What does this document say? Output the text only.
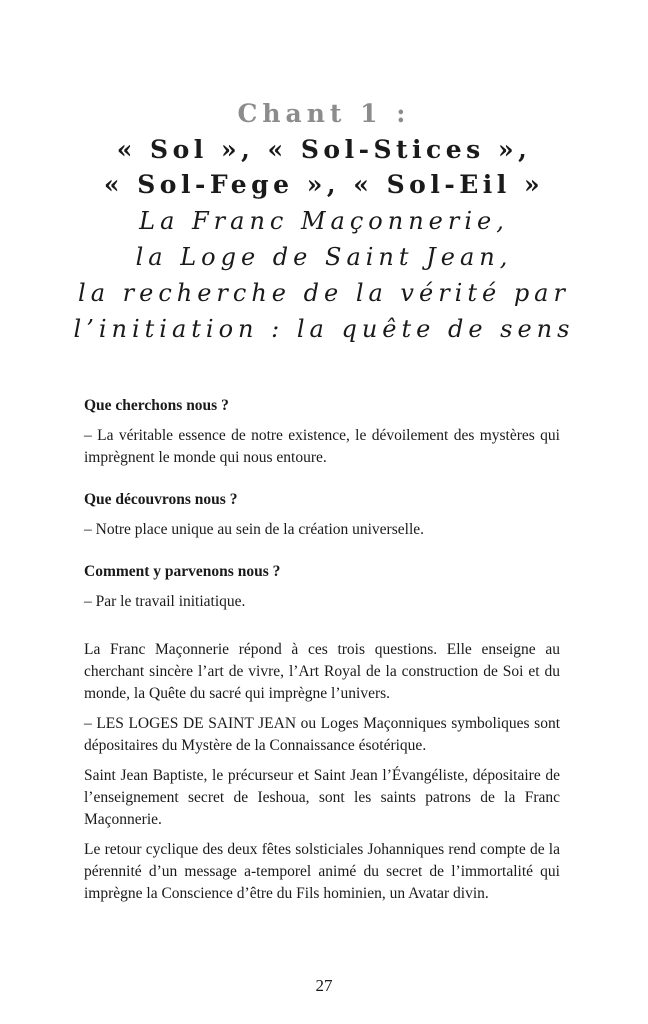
Chant 1 :
« Sol », « Sol-Stices »,
« Sol-Fege », « Sol-Eil »
La Franc Maçonnerie,
la Loge de Saint Jean,
la recherche de la vérité par
l’initiation : la quête de sens

Que cherchons nous ?

– La véritable essence de notre existence, le dévoilement des mystères qui imprègnent le monde qui nous entoure.

Que découvrons nous ?

– Notre place unique au sein de la création universelle.

Comment y parvenons nous ?

– Par le travail initiatique.

La Franc Maçonnerie répond à ces trois questions. Elle enseigne au cherchant sincère l’art de vivre, l’Art Royal de la construction de Soi et du monde, la Quête du sacré qui imprègne l’univers.

– LES LOGES DE SAINT JEAN ou Loges Maçonniques symboliques sont dépositaires du Mystère de la Connaissance ésotérique.

Saint Jean Baptiste, le précurseur et Saint Jean l’Évangéliste, dépositaire de l’enseignement secret de Ieshoua, sont les saints patrons de la Franc Maçonnerie.

Le retour cyclique des deux fêtes solsticiales Johanniques rend compte de la pérennité d’un message a-temporel animé du secret de l’immortalité qui imprègne la Conscience d’être du Fils hominien, un Avatar divin.

27
